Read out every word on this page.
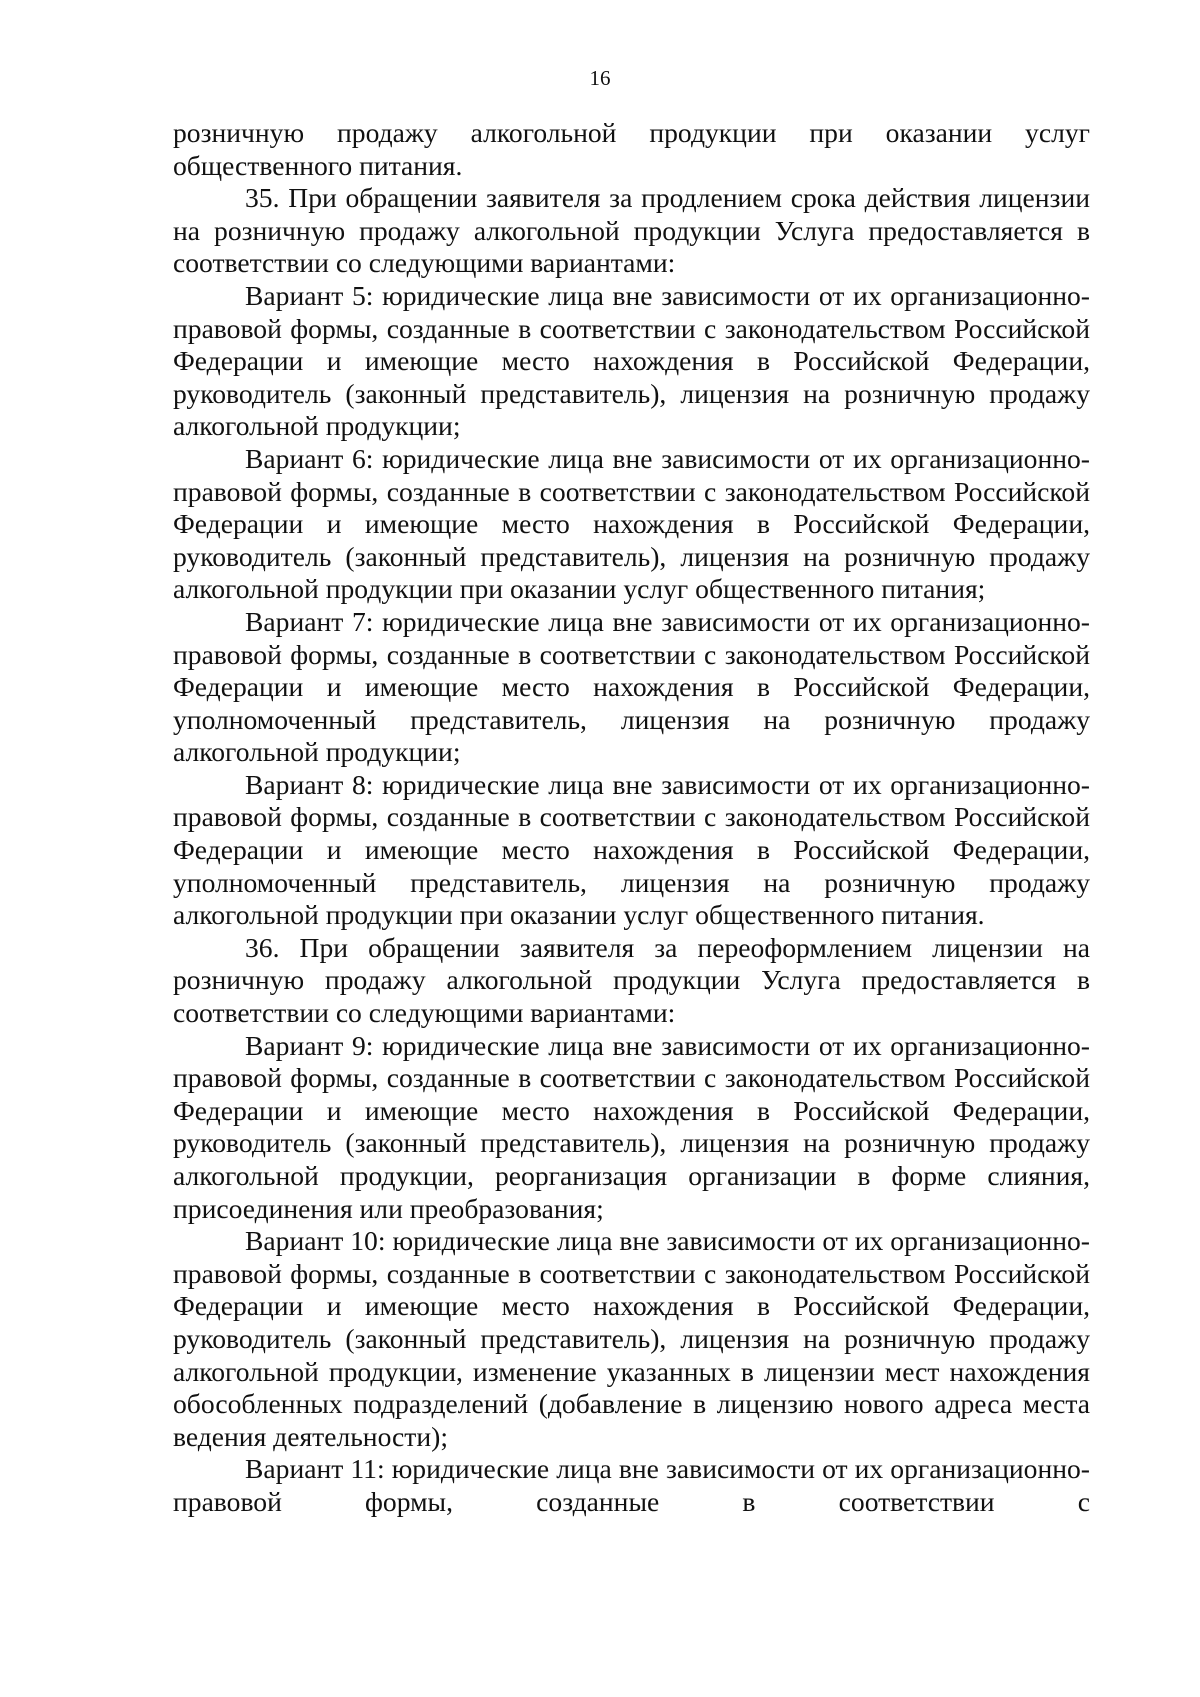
16

розничную продажу алкогольной продукции при оказании услуг общественного питания.

35. При обращении заявителя за продлением срока действия лицензии на розничную продажу алкогольной продукции Услуга предоставляется в соответствии со следующими вариантами:

Вариант 5: юридические лица вне зависимости от их организационно-правовой формы, созданные в соответствии с законодательством Российской Федерации и имеющие место нахождения в Российской Федерации, руководитель (законный представитель), лицензия на розничную продажу алкогольной продукции;

Вариант 6: юридические лица вне зависимости от их организационно-правовой формы, созданные в соответствии с законодательством Российской Федерации и имеющие место нахождения в Российской Федерации, руководитель (законный представитель), лицензия на розничную продажу алкогольной продукции при оказании услуг общественного питания;

Вариант 7: юридические лица вне зависимости от их организационно-правовой формы, созданные в соответствии с законодательством Российской Федерации и имеющие место нахождения в Российской Федерации, уполномоченный представитель, лицензия на розничную продажу алкогольной продукции;

Вариант 8: юридические лица вне зависимости от их организационно-правовой формы, созданные в соответствии с законодательством Российской Федерации и имеющие место нахождения в Российской Федерации, уполномоченный представитель, лицензия на розничную продажу алкогольной продукции при оказании услуг общественного питания.

36. При обращении заявителя за переоформлением лицензии на розничную продажу алкогольной продукции Услуга предоставляется в соответствии со следующими вариантами:

Вариант 9: юридические лица вне зависимости от их организационно-правовой формы, созданные в соответствии с законодательством Российской Федерации и имеющие место нахождения в Российской Федерации, руководитель (законный представитель), лицензия на розничную продажу алкогольной продукции, реорганизация организации в форме слияния, присоединения или преобразования;

Вариант 10: юридические лица вне зависимости от их организационно-правовой формы, созданные в соответствии с законодательством Российской Федерации и имеющие место нахождения в Российской Федерации, руководитель (законный представитель), лицензия на розничную продажу алкогольной продукции, изменение указанных в лицензии мест нахождения обособленных подразделений (добавление в лицензию нового адреса места ведения деятельности);

Вариант 11: юридические лица вне зависимости от их организационно-правовой формы, созданные в соответствии с
